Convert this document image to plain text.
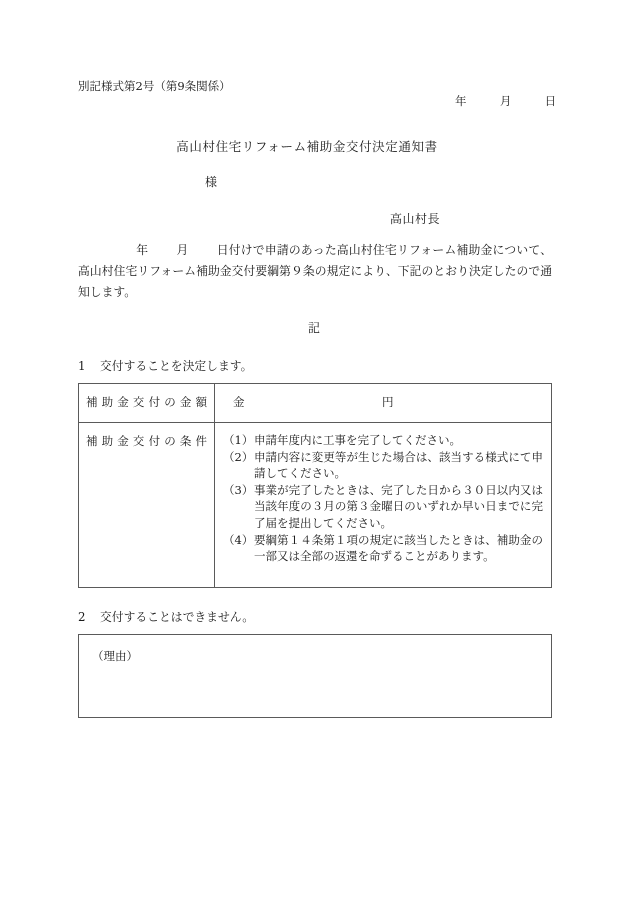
別記様式第2号（第9条関係）
年	月	日
高山村住宅リフォーム補助金交付決定通知書
様
高山村長
年 月 日付けで申請のあった高山村住宅リフォーム補助金について、高山村住宅リフォーム補助金交付要綱第９条の規定により、下記のとおり決定したので通知します。
記
1 交付することを決定します。
補助金交付の金額	金 円

補助金交付の条件	（1） 申請年度内に工事を完了してください。
（2） 申請内容に変更等が生じた場合は、該当する様式にて申請してください。
（3） 事業が完了したときは、完了した日から３０日以内又は当該年度の３月の第３金曜日のいずれか早い日までに完了届を提出してください。
（4） 要綱第１４条第１項の規定に該当したときは、補助金の一部又は全部の返還を命ずることがあります。
2 交付することはできません。
（理由）
